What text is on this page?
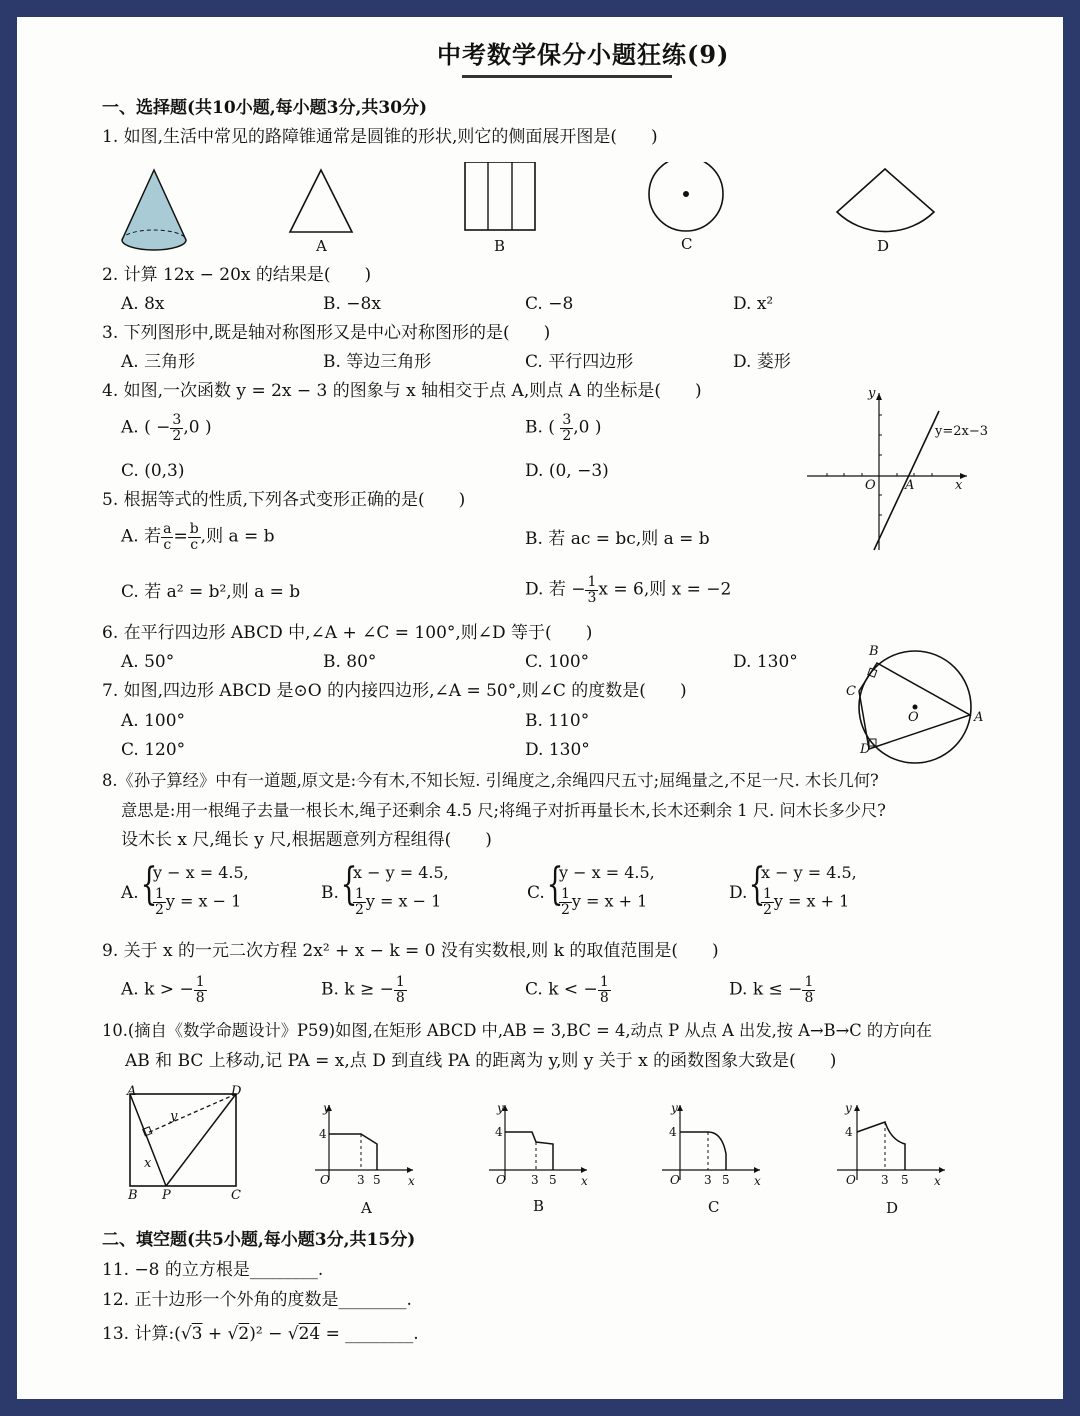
中考数学保分小题狂练(9)
一、选择题(共10小题,每小题3分,共30分)
1. 如图,生活中常见的路障锥通常是圆锥的形状,则它的侧面展开图是(　　)
A	B	C	D
2. 计算 12x − 20x 的结果是(　　)
A. 8x	B. −8x	C. −8	D. x²
3. 下列图形中,既是轴对称图形又是中心对称图形的是(　　)
A. 三角形	B. 等边三角形	C. 平行四边形	D. 菱形
4. 如图,一次函数 y = 2x − 3 的图象与 x 轴相交于点 A,则点 A 的坐标是(　　)
A. ( − $\frac{3}{2} ,0$ )	B. ( $\frac{3}{2} ,0$ )
C. (0,3)	D. (0, −3)
y
y=2x−3
O A	x
5. 根据等式的性质,下列各式变形正确的是(　　)
A. 若 $\frac{a}{c} = \frac{b}{c}$ ,则 a = b	B. 若 ac = bc,则 a = b
C. 若 a² = b²,则 a = b	D. 若 − $\frac{1}{3}$ x = 6,则 x = −2
6. 在平行四边形 ABCD 中,∠A + ∠C = 100°,则∠D 等于(　　)
A. 50°	B. 80°	C. 100°	D. 130°
7. 如图,四边形 ABCD 是⊙O 的内接四边形,∠A = 50°,则∠C 的度数是(　　)
A. 100°	B. 110°
C. 120°	D. 130°
B
C
O	A
D
8.《孙子算经》中有一道题,原文是:今有木,不知长短. 引绳度之,余绳四尺五寸;屈绳量之,不足一尺. 木长几何?
意思是:用一根绳子去量一根长木,绳子还剩余 4.5 尺;将绳子对折再量长木,长木还剩余 1 尺. 问木长多少尺?
设木长 x 尺,绳长 y 尺,根据题意列方程组得(　　)
A. {
y − x = 4.5,
$\frac{1}{2}$ y = x − 1	B. {
x − y = 4.5,
$\frac{1}{2}$ y = x − 1	C. {
y − x = 4.5,
$\frac{1}{2}$ y = x + 1	D. {
x − y = 4.5,
$\frac{1}{2}$ y = x + 1
9. 关于 x 的一元二次方程 2x² + x − k = 0 没有实数根,则 k 的取值范围是(　　)
A. k > − $\frac{1}{8}$	B. k ≥ − $\frac{1}{8}$	C. k < − $\frac{1}{8}$	D. k ≤ − $\frac{1}{8}$
10.(摘自《数学命题设计》P59)如图,在矩形 ABCD 中,AB = 3,BC = 4,动点 P 从点 A 出发,按 A→B→C 的方向在
AB 和 BC 上移动,记 PA = x,点 D 到直线 PA 的距离为 y,则 y 关于 x 的函数图象大致是(　　)
A	D
y
x
B P	C
y
4
O 3 5 x
y
4
O 3 5 x
y
4
O 3 5 x
y
4
O 3 5 x
A	B	C	D
二、填空题(共5小题,每小题3分,共15分)
11. −8 的立方根是________.
12. 正十边形一个外角的度数是________.
13. 计算:(√3 + √2)² − √24 = ________.
